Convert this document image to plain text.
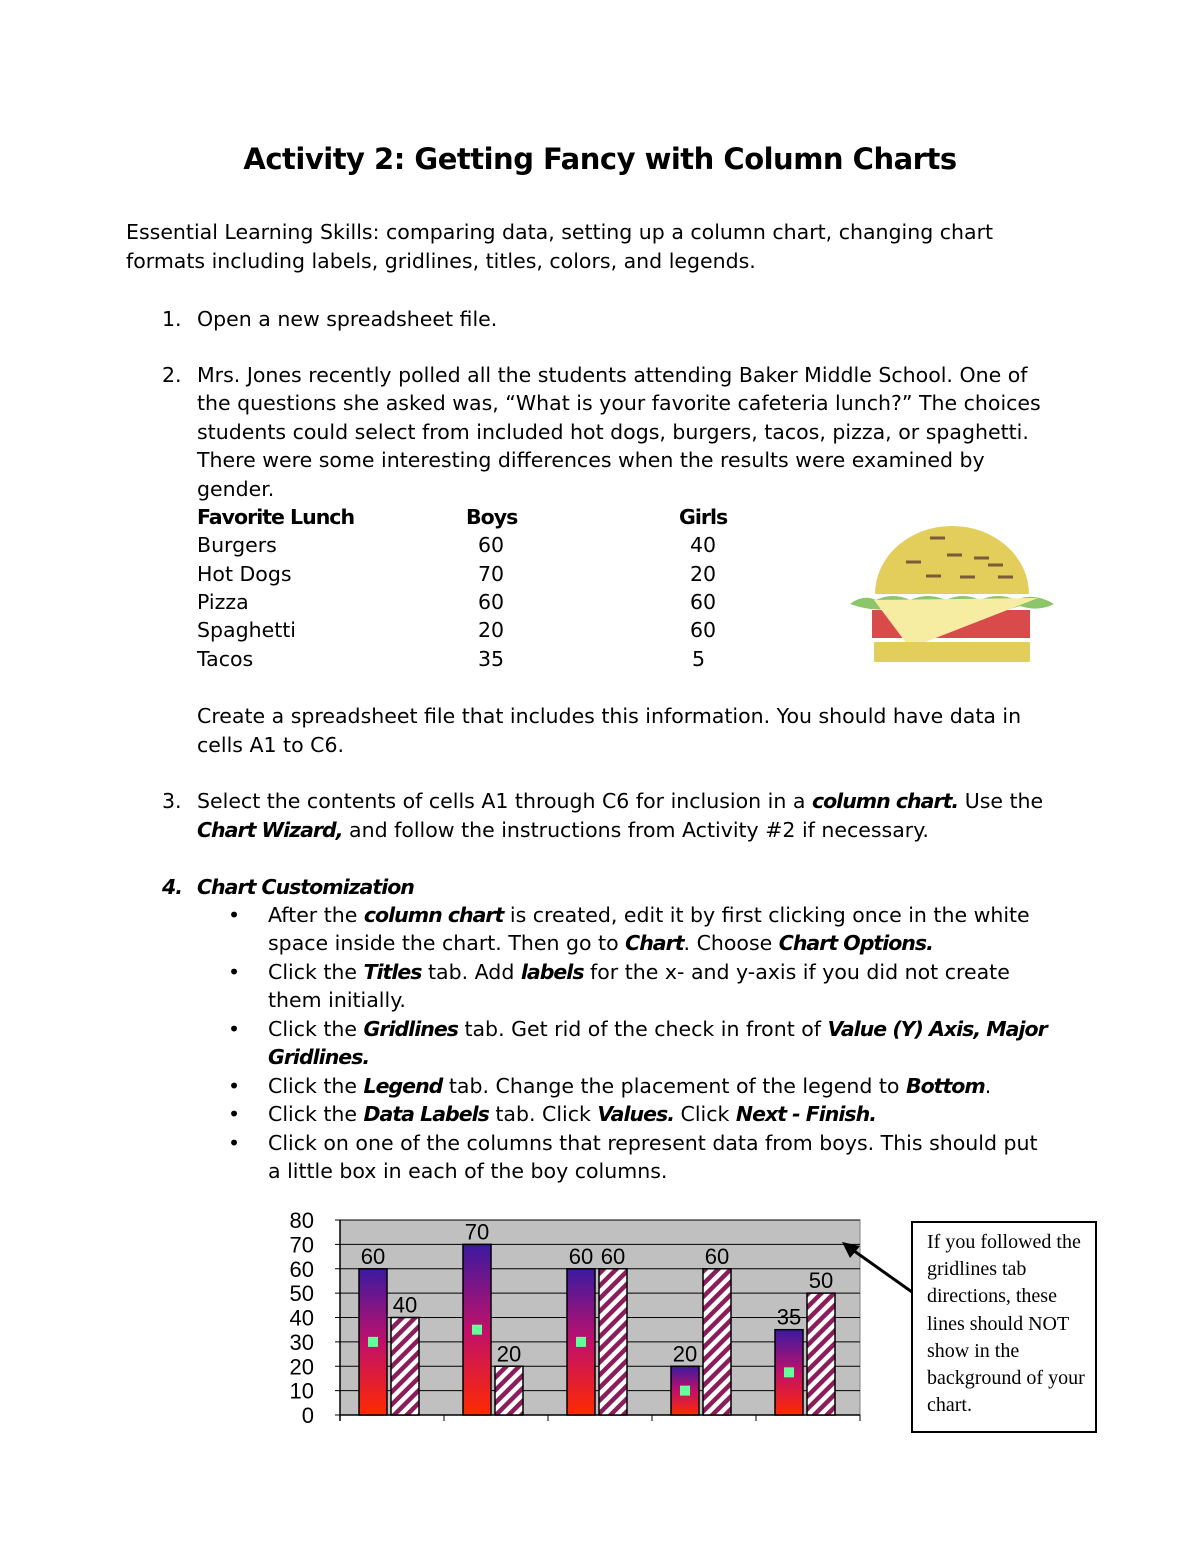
Activity 2: Getting Fancy with Column Charts
Essential Learning Skills: comparing data, setting up a column chart, changing chart
formats including labels, gridlines, titles, colors, and legends.
1. Open a new spreadsheet file.
2. Mrs. Jones recently polled all the students attending Baker Middle School. One of
the questions she asked was, “What is your favorite cafeteria lunch?” The choices
students could select from included hot dogs, burgers, tacos, pizza, or spaghetti.
There were some interesting differences when the results were examined by
gender.
Favorite Lunch	Boys	Girls
Burgers	60	40
Hot Dogs	70	20
Pizza	60	60
Spaghetti	20	60
Tacos	35	5
Create a spreadsheet file that includes this information. You should have data in
cells A1 to C6.
3. Select the contents of cells A1 through C6 for inclusion in a column chart. Use the
Chart Wizard, and follow the instructions from Activity #2 if necessary.
4. Chart Customization
• After the column chart is created, edit it by first clicking once in the white
space inside the chart. Then go to Chart. Choose Chart Options.
• Click the Titles tab. Add labels for the x- and y-axis if you did not create
them initially.
• Click the Gridlines tab. Get rid of the check in front of Value (Y) Axis, Major
Gridlines.
• Click the Legend tab. Change the placement of the legend to Bottom.
• Click the Data Labels tab. Click Values. Click Next - Finish.
• Click on one of the columns that represent data from boys. This should put
a little box in each of the boy columns.
0
10
20
30
40
50
60
70
80
60
40
70
20
60 60
20
60
35
50
If you followed the gridlines tab directions, these lines should NOT show in the background of your chart.
